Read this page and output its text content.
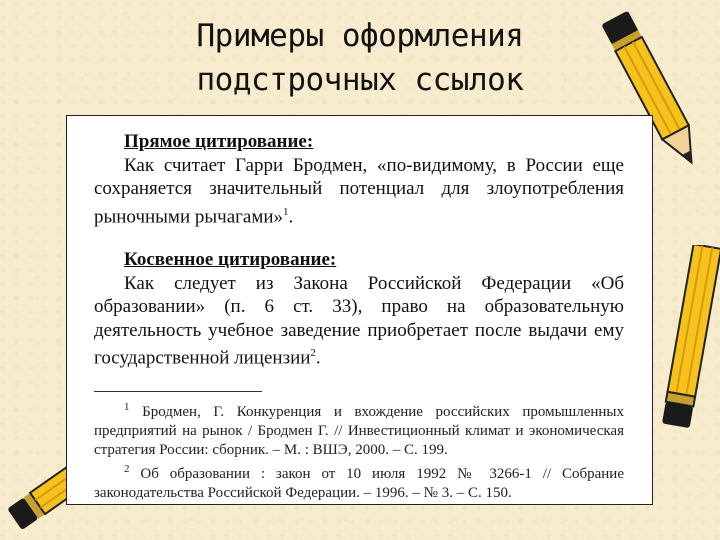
Примеры оформления
подстрочных ссылок
Прямое цитирование:
Как считает Гарри Бродмен, «по-видимому, в России еще сохраняется значительный потенциал для злоупотребления рыночными рычагами»$^1$.
Косвенное цитирование:
Как следует из Закона Российской Федерации «Об образовании» (п. 6 ст. 33), право на образовательную деятельность учебное заведение приобретает после выдачи ему государственной лицензии$^2$.
$^1$ Бродмен, Г. Конкуренция и вхождение российских промышленных предприятий на рынок / Бродмен Г. // Инвестиционный климат и экономическая стратегия России: сборник. – М. : ВШЭ, 2000. – С. 199.
$^2$ Об образовании : закон от 10 июля 1992 № 3266-1 // Собрание законодательства Российской Федерации. – 1996. – № 3. – С. 150.
